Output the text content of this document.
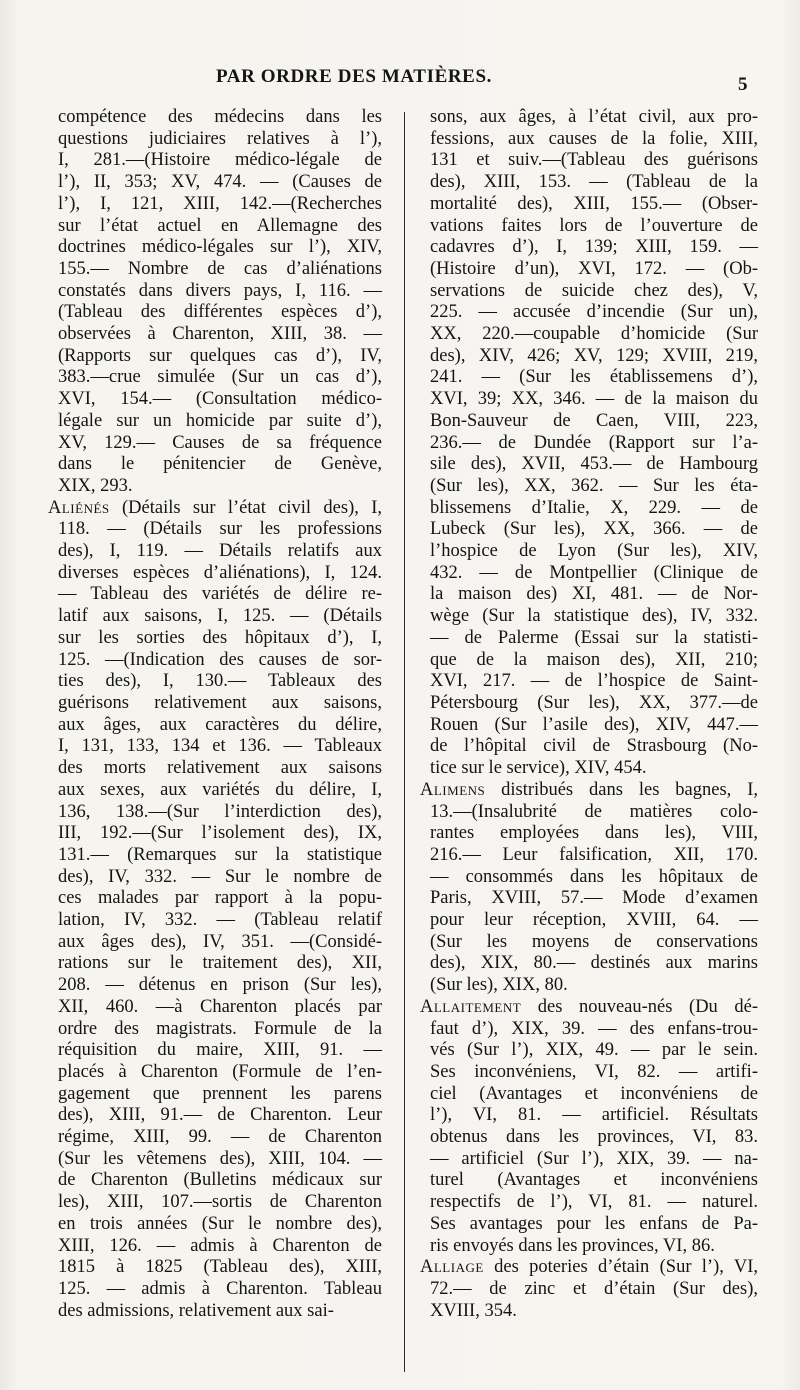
PAR ORDRE DES MATIÈRES.	5
compétence des médecins dans les
questions judiciaires relatives à l’),
I, 281.—(Histoire médico-légale de
l’), II, 353; XV, 474. — (Causes de
l’), I, 121, XIII, 142.—(Recherches
sur l’état actuel en Allemagne des
doctrines médico-légales sur l’), XIV,
155.— Nombre de cas d’aliénations
constatés dans divers pays, I, 116. —
(Tableau des différentes espèces d’),
observées à Charenton, XIII, 38. —
(Rapports sur quelques cas d’), IV,
383.—crue simulée (Sur un cas d’),
XVI, 154.— (Consultation médico-
légale sur un homicide par suite d’),
XV, 129.— Causes de sa fréquence
dans le pénitencier de Genève,
XIX, 293.
Aliénés (Détails sur l’état civil des), I,
118. — (Détails sur les professions
des), I, 119. — Détails relatifs aux
diverses espèces d’aliénations), I, 124.
— Tableau des variétés de délire re-
latif aux saisons, I, 125. — (Détails
sur les sorties des hôpitaux d’), I,
125. —(Indication des causes de sor-
ties des), I, 130.— Tableaux des
guérisons relativement aux saisons,
aux âges, aux caractères du délire,
I, 131, 133, 134 et 136. — Tableaux
des morts relativement aux saisons
aux sexes, aux variétés du délire, I,
136, 138.—(Sur l’interdiction des),
III, 192.—(Sur l’isolement des), IX,
131.— (Remarques sur la statistique
des), IV, 332. — Sur le nombre de
ces malades par rapport à la popu-
lation, IV, 332. — (Tableau relatif
aux âges des), IV, 351. —(Considé-
rations sur le traitement des), XII,
208. — détenus en prison (Sur les),
XII, 460. —à Charenton placés par
ordre des magistrats. Formule de la
réquisition du maire, XIII, 91. —
placés à Charenton (Formule de l’en-
gagement que prennent les parens
des), XIII, 91.— de Charenton. Leur
régime, XIII, 99. — de Charenton
(Sur les vêtemens des), XIII, 104. —
de Charenton (Bulletins médicaux sur
les), XIII, 107.—sortis de Charenton
en trois années (Sur le nombre des),
XIII, 126. — admis à Charenton de
1815 à 1825 (Tableau des), XIII,
125. — admis à Charenton. Tableau
des admissions, relativement aux sai-
sons, aux âges, à l’état civil, aux pro-
fessions, aux causes de la folie, XIII,
131 et suiv.—(Tableau des guérisons
des), XIII, 153. — (Tableau de la
mortalité des), XIII, 155.— (Obser-
vations faites lors de l’ouverture de
cadavres d’), I, 139; XIII, 159. —
(Histoire d’un), XVI, 172. — (Ob-
servations de suicide chez des), V,
225. — accusée d’incendie (Sur un),
XX, 220.—coupable d’homicide (Sur
des), XIV, 426; XV, 129; XVIII, 219,
241. — (Sur les établissemens d’),
XVI, 39; XX, 346. — de la maison du
Bon-Sauveur de Caen, VIII, 223,
236.— de Dundée (Rapport sur l’a-
sile des), XVII, 453.— de Hambourg
(Sur les), XX, 362. — Sur les éta-
blissemens d’Italie, X, 229. — de
Lubeck (Sur les), XX, 366. — de
l’hospice de Lyon (Sur les), XIV,
432. — de Montpellier (Clinique de
la maison des) XI, 481. — de Nor-
wège (Sur la statistique des), IV, 332.
— de Palerme (Essai sur la statisti-
que de la maison des), XII, 210;
XVI, 217. — de l’hospice de Saint-
Pétersbourg (Sur les), XX, 377.—de
Rouen (Sur l’asile des), XIV, 447.—
de l’hôpital civil de Strasbourg (No-
tice sur le service), XIV, 454.
Alimens distribués dans les bagnes, I,
13.—(Insalubrité de matières colo-
rantes employées dans les), VIII,
216.— Leur falsification, XII, 170.
— consommés dans les hôpitaux de
Paris, XVIII, 57.— Mode d’examen
pour leur réception, XVIII, 64. —
(Sur les moyens de conservations
des), XIX, 80.— destinés aux marins
(Sur les), XIX, 80.
Allaitement des nouveau-nés (Du dé-
faut d’), XIX, 39. — des enfans-trou-
vés (Sur l’), XIX, 49. — par le sein.
Ses inconvéniens, VI, 82. — artifi-
ciel (Avantages et inconvéniens de
l’), VI, 81. — artificiel. Résultats
obtenus dans les provinces, VI, 83.
— artificiel (Sur l’), XIX, 39. — na-
turel (Avantages et inconvéniens
respectifs de l’), VI, 81. — naturel.
Ses avantages pour les enfans de Pa-
ris envoyés dans les provinces, VI, 86.
Alliage des poteries d’étain (Sur l’), VI,
72.— de zinc et d’étain (Sur des),
XVIII, 354.
